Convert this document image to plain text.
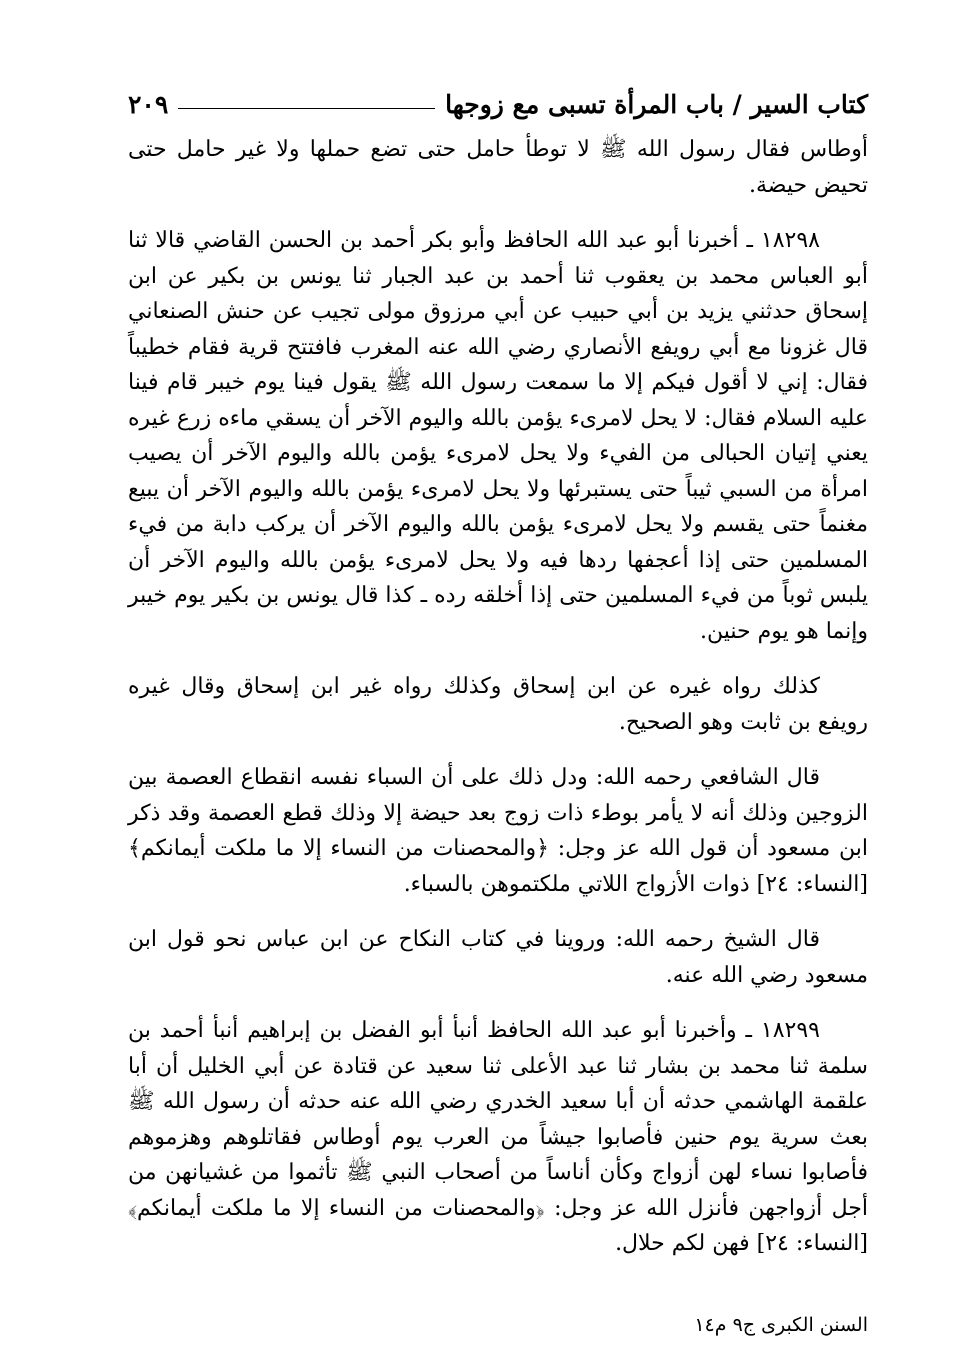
كتاب السير / باب المرأة تسبى مع زوجها
٢٠٩

أوطاس فقال رسول الله ﷺ لا توطأ حامل حتى تضع حملها ولا غير حامل حتى تحيض حيضة.

١٨٢٩٨ ـ أخبرنا أبو عبد الله الحافظ وأبو بكر أحمد بن الحسن القاضي قالا ثنا أبو العباس محمد بن يعقوب ثنا أحمد بن عبد الجبار ثنا يونس بن بكير عن ابن إسحاق حدثني يزيد بن أبي حبيب عن أبي مرزوق مولى تجيب عن حنش الصنعاني قال غزونا مع أبي رويفع الأنصاري رضي الله عنه المغرب فافتتح قرية فقام خطيباً فقال: إني لا أقول فيكم إلا ما سمعت رسول الله ﷺ يقول فينا يوم خيبر قام فينا عليه السلام فقال: لا يحل لامرىء يؤمن بالله واليوم الآخر أن يسقي ماءه زرع غيره يعني إتيان الحبالى من الفيء ولا يحل لامرىء يؤمن بالله واليوم الآخر أن يصيب امرأة من السبي ثيباً حتى يستبرئها ولا يحل لامرىء يؤمن بالله واليوم الآخر أن يبيع مغنماً حتى يقسم ولا يحل لامرىء يؤمن بالله واليوم الآخر أن يركب دابة من فيء المسلمين حتى إذا أعجفها ردها فيه ولا يحل لامرىء يؤمن بالله واليوم الآخر أن يلبس ثوباً من فيء المسلمين حتى إذا أخلقه رده ـ كذا قال يونس بن بكير يوم خيبر وإنما هو يوم حنين.

كذلك رواه غيره عن ابن إسحاق وكذلك رواه غير ابن إسحاق وقال غيره رويفع بن ثابت وهو الصحيح.

قال الشافعي رحمه الله: ودل ذلك على أن السباء نفسه انقطاع العصمة بين الزوجين وذلك أنه لا يأمر بوطء ذات زوج بعد حيضة إلا وذلك قطع العصمة وقد ذكر ابن مسعود أن قول الله عز وجل: ﴿والمحصنات من النساء إلا ما ملكت أيمانكم﴾ [النساء: ٢٤] ذوات الأزواج اللاتي ملكتموهن بالسباء.

قال الشيخ رحمه الله: وروينا في كتاب النكاح عن ابن عباس نحو قول ابن مسعود رضي الله عنه.

١٨٢٩٩ ـ وأخبرنا أبو عبد الله الحافظ أنبأ أبو الفضل بن إبراهيم أنبأ أحمد بن سلمة ثنا محمد بن بشار ثنا عبد الأعلى ثنا سعيد عن قتادة عن أبي الخليل أن أبا علقمة الهاشمي حدثه أن أبا سعيد الخدري رضي الله عنه حدثه أن رسول الله ﷺ بعث سرية يوم حنين فأصابوا جيشاً من العرب يوم أوطاس فقاتلوهم وهزموهم فأصابوا نساء لهن أزواج وكأن أناساً من أصحاب النبي ﷺ تأثموا من غشيانهن من أجل أزواجهن فأنزل الله عز وجل: ﴿والمحصنات من النساء إلا ما ملكت أيمانكم﴾ [النساء: ٢٤] فهن لكم حلال.

السنن الكبرى ج٩ م١٤
